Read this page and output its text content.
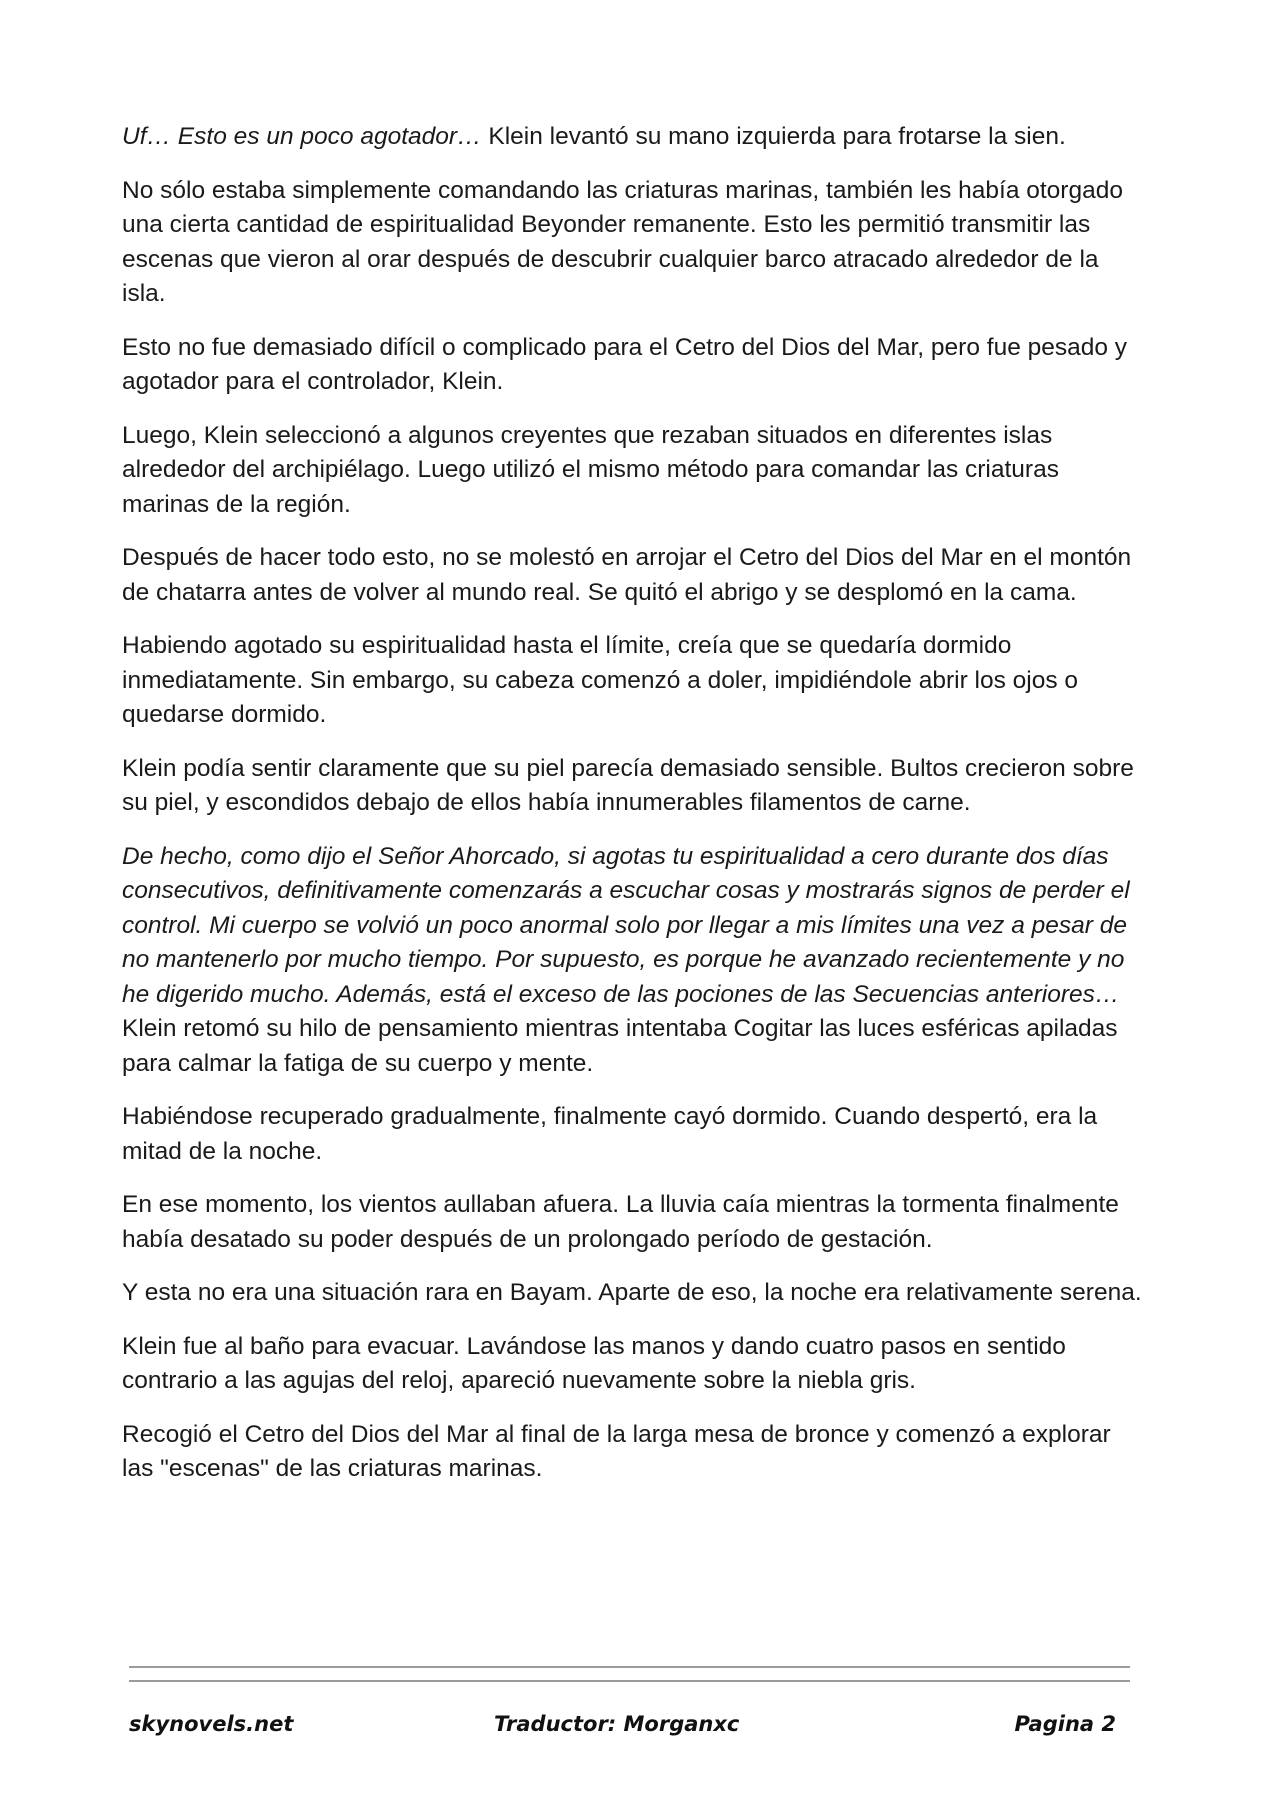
Uf… Esto es un poco agotador… Klein levantó su mano izquierda para frotarse la sien.

No sólo estaba simplemente comandando las criaturas marinas, también les había otorgado una cierta cantidad de espiritualidad Beyonder remanente. Esto les permitió transmitir las escenas que vieron al orar después de descubrir cualquier barco atracado alrededor de la isla.

Esto no fue demasiado difícil o complicado para el Cetro del Dios del Mar, pero fue pesado y agotador para el controlador, Klein.

Luego, Klein seleccionó a algunos creyentes que rezaban situados en diferentes islas alrededor del archipiélago. Luego utilizó el mismo método para comandar las criaturas marinas de la región.

Después de hacer todo esto, no se molestó en arrojar el Cetro del Dios del Mar en el montón de chatarra antes de volver al mundo real. Se quitó el abrigo y se desplomó en la cama.

Habiendo agotado su espiritualidad hasta el límite, creía que se quedaría dormido inmediatamente. Sin embargo, su cabeza comenzó a doler, impidiéndole abrir los ojos o quedarse dormido.

Klein podía sentir claramente que su piel parecía demasiado sensible. Bultos crecieron sobre su piel, y escondidos debajo de ellos había innumerables filamentos de carne.

De hecho, como dijo el Señor Ahorcado, si agotas tu espiritualidad a cero durante dos días consecutivos, definitivamente comenzarás a escuchar cosas y mostrarás signos de perder el control. Mi cuerpo se volvió un poco anormal solo por llegar a mis límites una vez a pesar de no mantenerlo por mucho tiempo. Por supuesto, es porque he avanzado recientemente y no he digerido mucho. Además, está el exceso de las pociones de las Secuencias anteriores… Klein retomó su hilo de pensamiento mientras intentaba Cogitar las luces esféricas apiladas para calmar la fatiga de su cuerpo y mente.

Habiéndose recuperado gradualmente, finalmente cayó dormido. Cuando despertó, era la mitad de la noche.

En ese momento, los vientos aullaban afuera. La lluvia caía mientras la tormenta finalmente había desatado su poder después de un prolongado período de gestación.

Y esta no era una situación rara en Bayam. Aparte de eso, la noche era relativamente serena.

Klein fue al baño para evacuar. Lavándose las manos y dando cuatro pasos en sentido contrario a las agujas del reloj, apareció nuevamente sobre la niebla gris.

Recogió el Cetro del Dios del Mar al final de la larga mesa de bronce y comenzó a explorar las "escenas" de las criaturas marinas.

skynovels.net	Traductor: Morganxc	Pagina 2
